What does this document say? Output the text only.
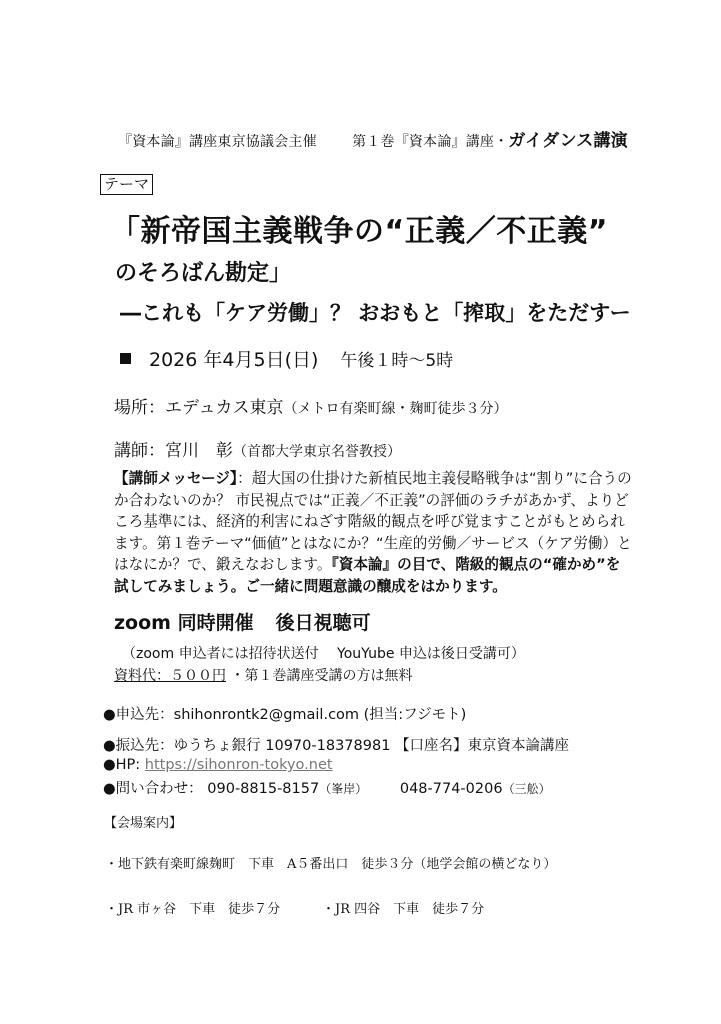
『資本論』講座東京協議会主催	第１巻『資本論』講座・ガイダンス講演
テーマ
「新帝国主義戦争の“正義／不正義”
のそろばん勘定」
―これも「ケア労働」？ おおもと「搾取」をただすー
2026 年4月5日(日) 午後１時～5時
場所：エデュカス東京（メトロ有楽町線・麹町徒歩３分）
講師：宮川　彰（首都大学東京名誉教授）
【講師メッセージ】：超大国の仕掛けた新植民地主義侵略戦争は“割り”に合うのか合わないのか？ 市民視点では“正義／不正義”の評価のラチがあかず、よりどころ基準には、経済的利害にねざす階級的観点を呼び覚ますことがもとめられます。第１巻テーマ“価値”とはなにか？“生産的労働／サービス（ケア労働）とはなにか？で、鍛えなおします。『資本論』の目で、階級的観点の“確かめ”を試してみましょう。ご一緒に問題意識の醸成をはかります。
zoom 同時開催 後日視聴可
（zoom 申込者には招待状送付　 YouYube 申込は後日受講可）
資料代：５００円 ・第１巻講座受講の方は無料
●申込先：shihonrontk2@gmail.com (担当:フジモト)
●振込先：ゆうちょ銀行 10970-18378981 【口座名】東京資本論講座
●HP: https://sihonron-tokyo.net
●問い合わせ： 090-8815-8157（峯岸） 048-774-0206（三舩）
【会場案内】
・地下鉄有楽町線麹町　下車　A５番出口　徒歩３分（地学会館の横どなり）
・JR 市ヶ谷　下車　徒歩７分	・JR 四谷　下車　徒歩７分
